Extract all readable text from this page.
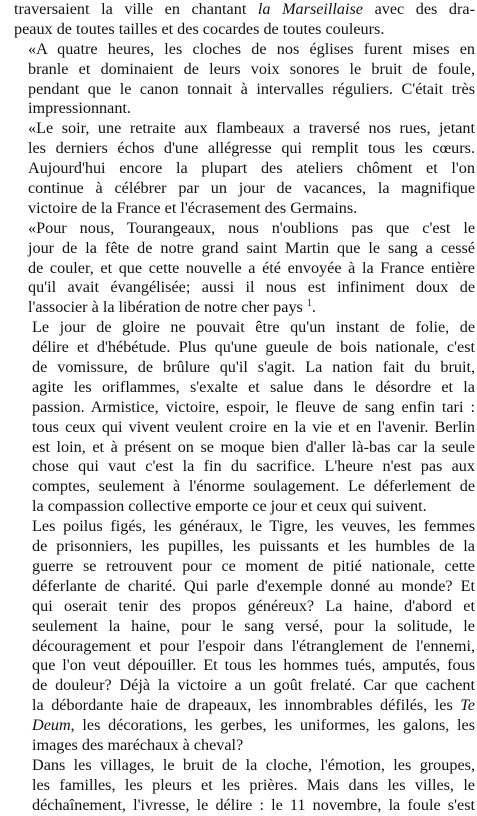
traversaient la ville en chantant la Marseillaise avec des dra-
peaux de toutes tailles et des cocardes de toutes couleurs.
«A quatre heures, les cloches de nos églises furent mises en
branle et dominaient de leurs voix sonores le bruit de foule,
pendant que le canon tonnait à intervalles réguliers. C'était très
impressionnant.
«Le soir, une retraite aux flambeaux a traversé nos rues, jetant
les derniers échos d'une allégresse qui remplit tous les cœurs.
Aujourd'hui encore la plupart des ateliers chôment et l'on
continue à célébrer par un jour de vacances, la magnifique
victoire de la France et l'écrasement des Germains.
«Pour nous, Tourangeaux, nous n'oublions pas que c'est le
jour de la fête de notre grand saint Martin que le sang a cessé
de couler, et que cette nouvelle a été envoyée à la France entière
qu'il avait évangélisée; aussi il nous est infiniment doux de
l'associer à la libération de notre cher pays $^1$.
Le jour de gloire ne pouvait être qu'un instant de folie, de
délire et d'hébétude. Plus qu'une gueule de bois nationale, c'est
de vomissure, de brûlure qu'il s'agit. La nation fait du bruit,
agite les oriflammes, s'exalte et salue dans le désordre et la
passion. Armistice, victoire, espoir, le fleuve de sang enfin tari :
tous ceux qui vivent veulent croire en la vie et en l'avenir. Berlin
est loin, et à présent on se moque bien d'aller là-bas car la seule
chose qui vaut c'est la fin du sacrifice. L'heure n'est pas aux
comptes, seulement à l'énorme soulagement. Le déferlement de
la compassion collective emporte ce jour et ceux qui suivent.
Les poilus figés, les généraux, le Tigre, les veuves, les femmes
de prisonniers, les pupilles, les puissants et les humbles de la
guerre se retrouvent pour ce moment de pitié nationale, cette
déferlante de charité. Qui parle d'exemple donné au monde? Et
qui oserait tenir des propos généreux? La haine, d'abord et
seulement la haine, pour le sang versé, pour la solitude, le
découragement et pour l'espoir dans l'étranglement de l'ennemi,
que l'on veut dépouiller. Et tous les hommes tués, amputés, fous
de douleur? Déjà la victoire a un goût frelaté. Car que cachent
la débordante haie de drapeaux, les innombrables défilés, les Te
Deum, les décorations, les gerbes, les uniformes, les galons, les
images des maréchaux à cheval?
Dans les villages, le bruit de la cloche, l'émotion, les groupes,
les familles, les pleurs et les prières. Mais dans les villes, le
déchaînement, l'ivresse, le délire : le 11 novembre, la foule s'est
